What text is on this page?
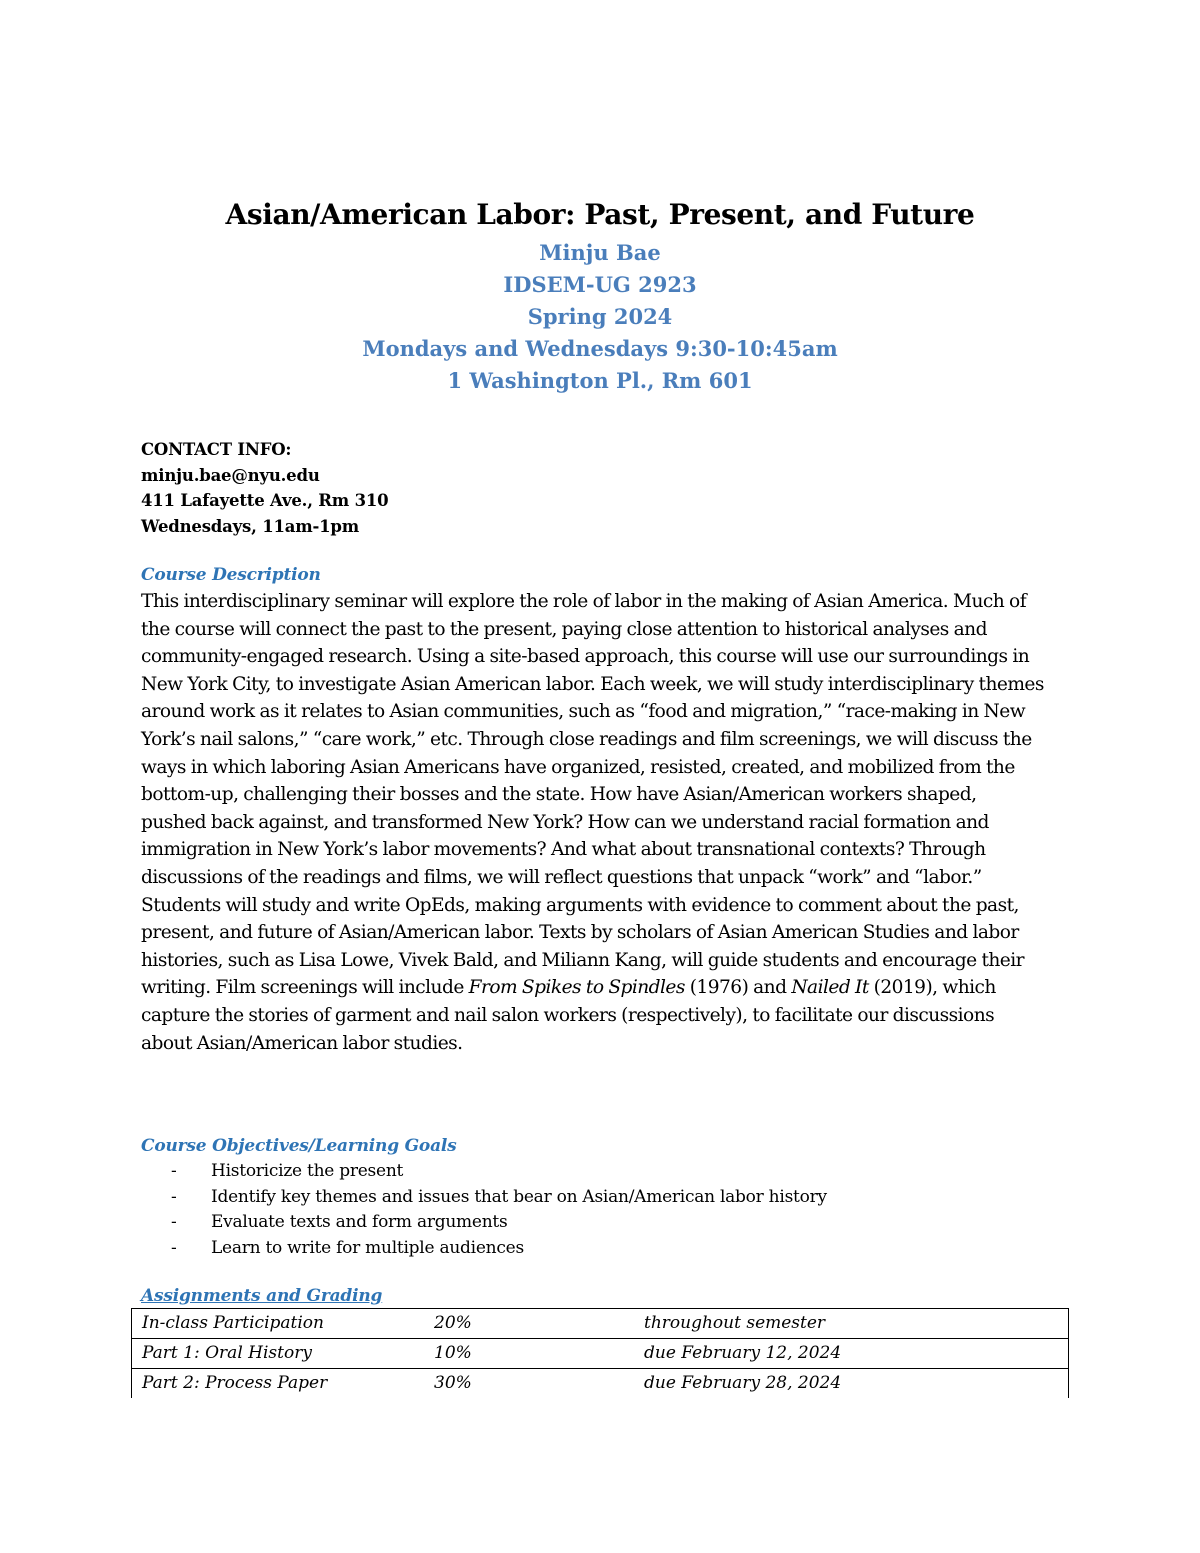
Asian/American Labor: Past, Present, and Future
Minju Bae
IDSEM-UG 2923
Spring 2024
Mondays and Wednesdays 9:30-10:45am
1 Washington Pl., Rm 601
CONTACT INFO:
minju.bae@nyu.edu
411 Lafayette Ave., Rm 310
Wednesdays, 11am-1pm
Course Description

This interdisciplinary seminar will explore the role of labor in the making of Asian America. Much of the course will connect the past to the present, paying close attention to historical analyses and community-engaged research. Using a site-based approach, this course will use our surroundings in New York City, to investigate Asian American labor. Each week, we will study interdisciplinary themes around work as it relates to Asian communities, such as “food and migration,” “race-making in New York’s nail salons,” “care work,” etc. Through close readings and film screenings, we will discuss the ways in which laboring Asian Americans have organized, resisted, created, and mobilized from the bottom-up, challenging their bosses and the state. How have Asian/American workers shaped, pushed back against, and transformed New York? How can we understand racial formation and immigration in New York’s labor movements? And what about transnational contexts? Through discussions of the readings and films, we will reflect questions that unpack “work” and “labor.” Students will study and write OpEds, making arguments with evidence to comment about the past, present, and future of Asian/American labor. Texts by scholars of Asian American Studies and labor histories, such as Lisa Lowe, Vivek Bald, and Miliann Kang, will guide students and encourage their writing. Film screenings will include From Spikes to Spindles (1976) and Nailed It (2019), which capture the stories of garment and nail salon workers (respectively), to facilitate our discussions about Asian/American labor studies.

Course Objectives/Learning Goals
- Historicize the present
- Identify key themes and issues that bear on Asian/American labor history
- Evaluate texts and form arguments
- Learn to write for multiple audiences
Assignments and Grading
In-class Participation	20%	throughout semester
Part 1: Oral History	10%	due February 12, 2024
Part 2: Process Paper	30%	due February 28, 2024
